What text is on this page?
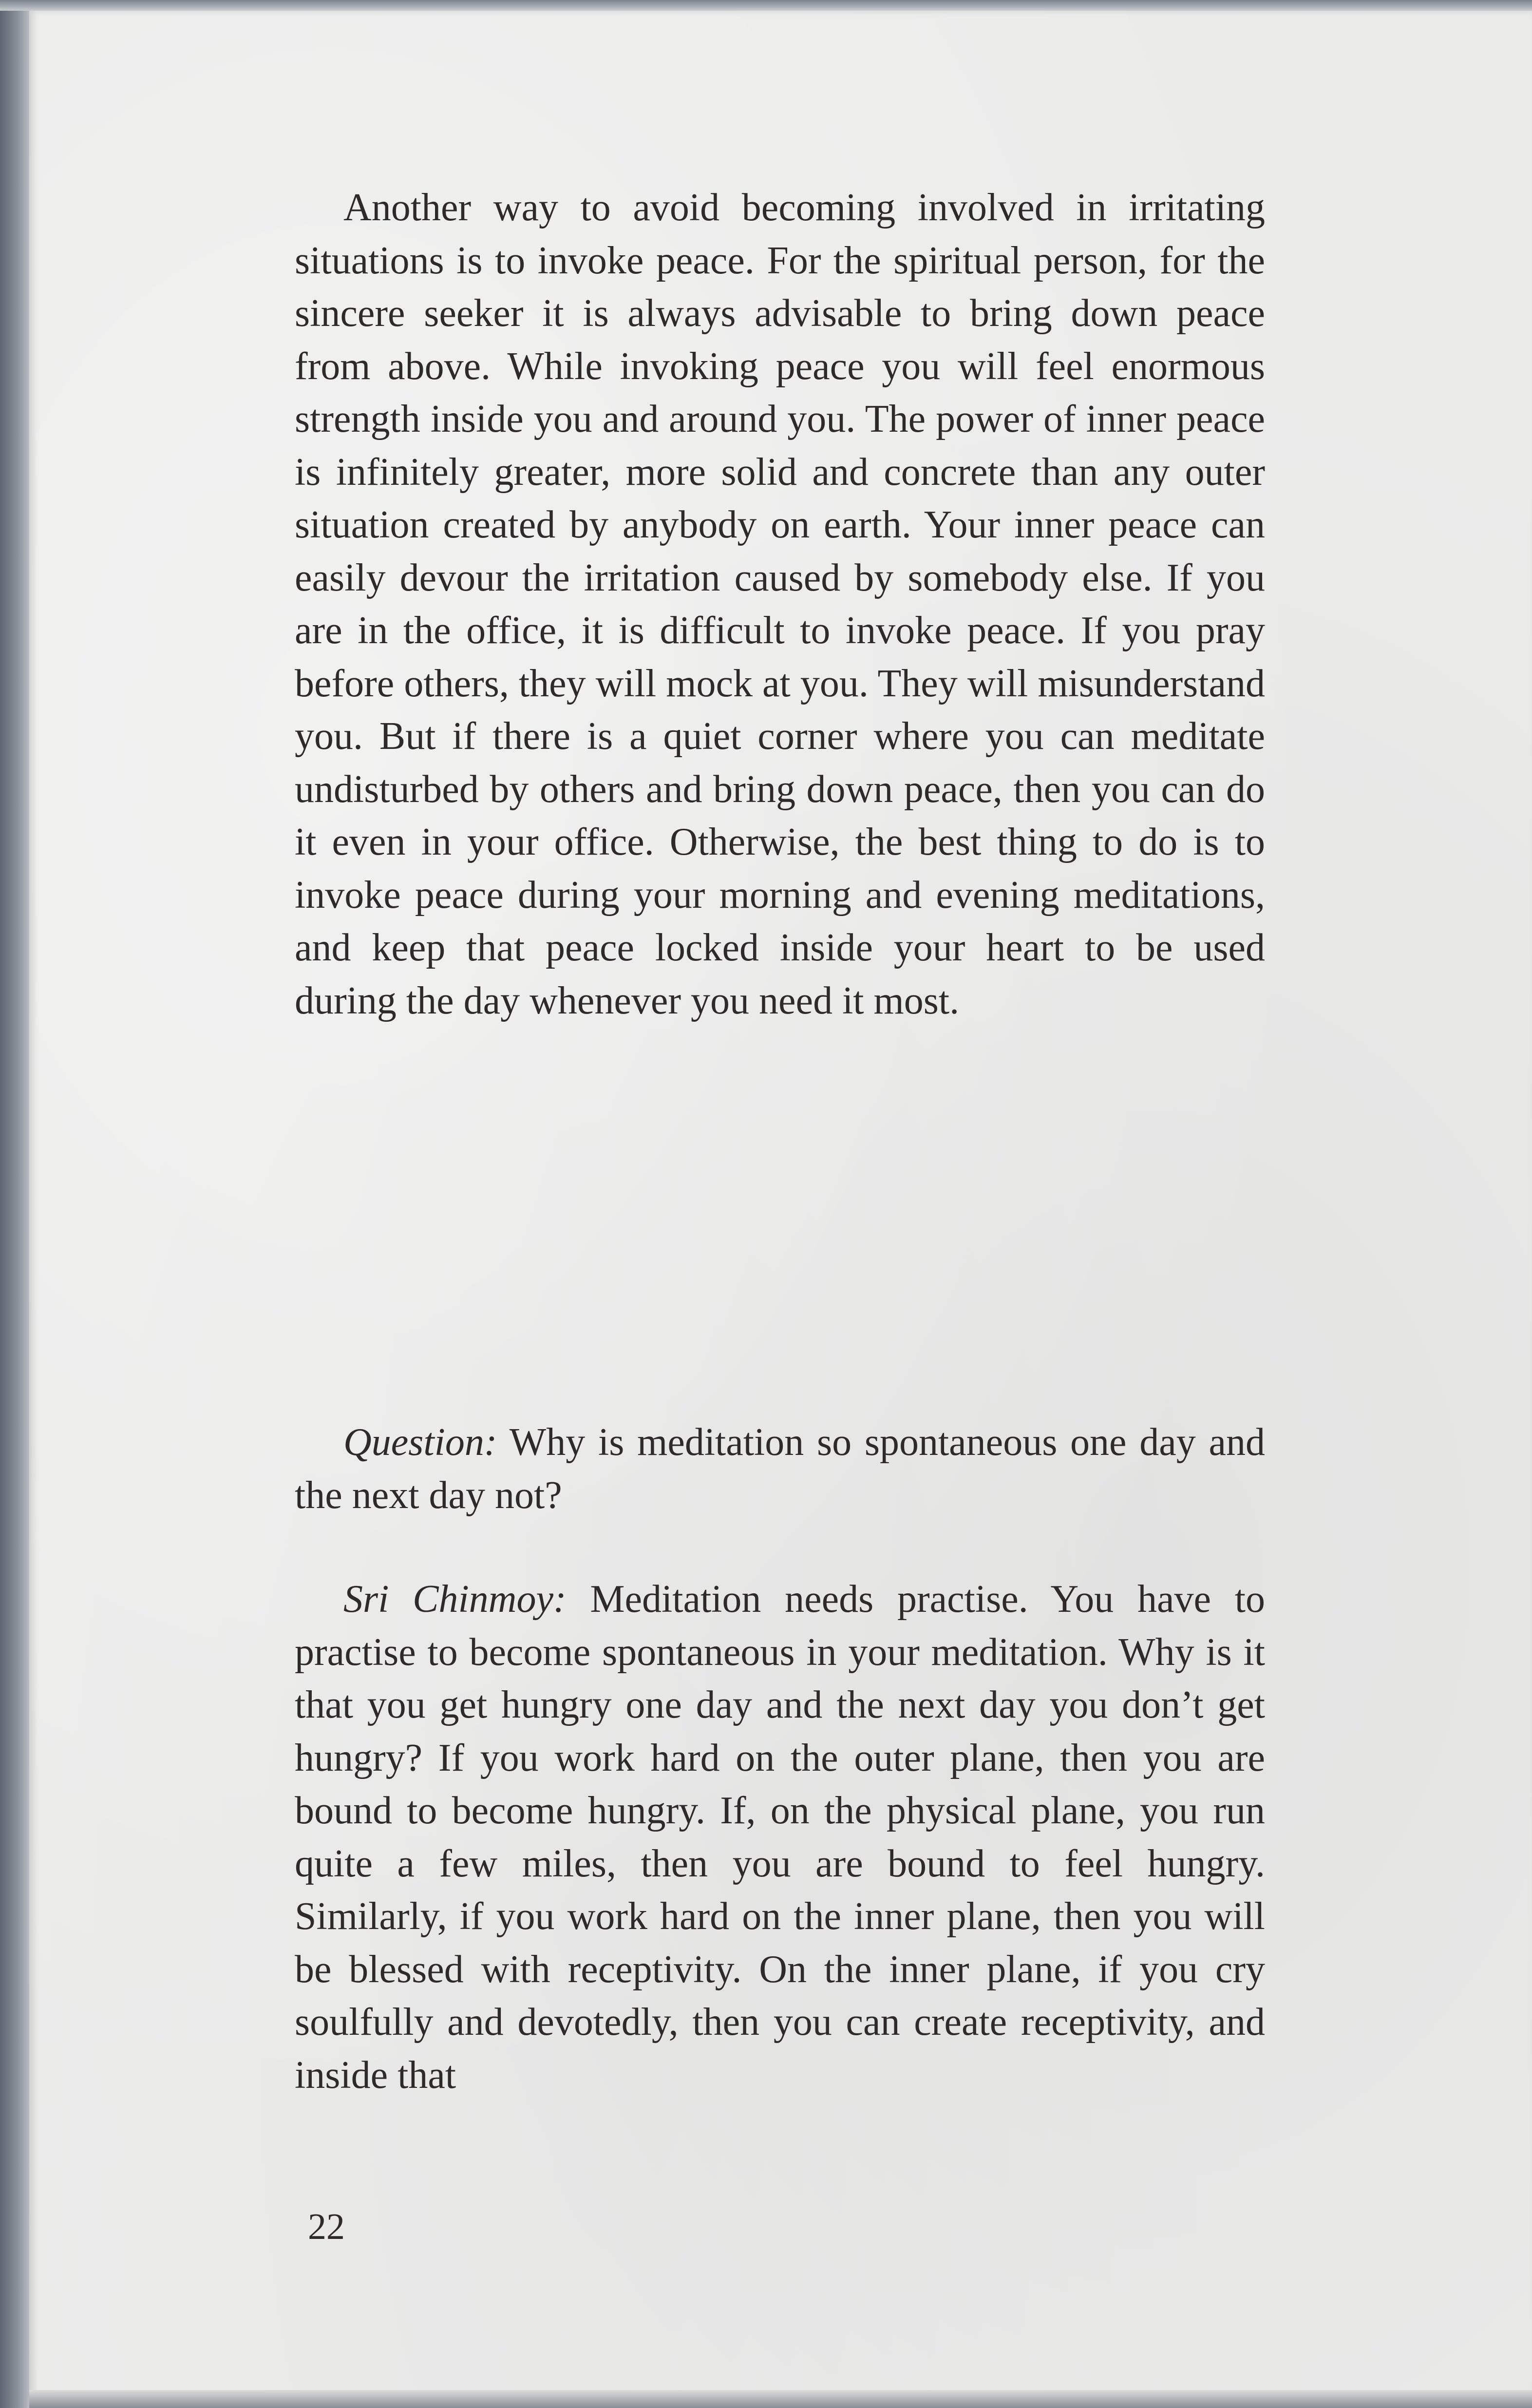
Another way to avoid becoming involved in irritating situations is to invoke peace. For the spiritual person, for the sincere seeker it is always advisable to bring down peace from above. While invoking peace you will feel enormous strength inside you and around you. The power of inner peace is infinitely greater, more solid and concrete than any outer situation created by anybody on earth. Your inner peace can easily devour the irritation caused by somebody else. If you are in the office, it is difficult to invoke peace. If you pray before others, they will mock at you. They will misunderstand you. But if there is a quiet corner where you can meditate undisturbed by others and bring down peace, then you can do it even in your office. Otherwise, the best thing to do is to invoke peace during your morning and evening meditations, and keep that peace locked inside your heart to be used during the day whenever you need it most.

Question: Why is meditation so spontaneous one day and the next day not?

Sri Chinmoy: Meditation needs practise. You have to practise to become spontaneous in your meditation. Why is it that you get hungry one day and the next day you don’t get hungry? If you work hard on the outer plane, then you are bound to become hungry. If, on the physical plane, you run quite a few miles, then you are bound to feel hungry. Similarly, if you work hard on the inner plane, then you will be blessed with receptivity. On the inner plane, if you cry soulfully and devotedly, then you can create receptivity, and inside that

22
